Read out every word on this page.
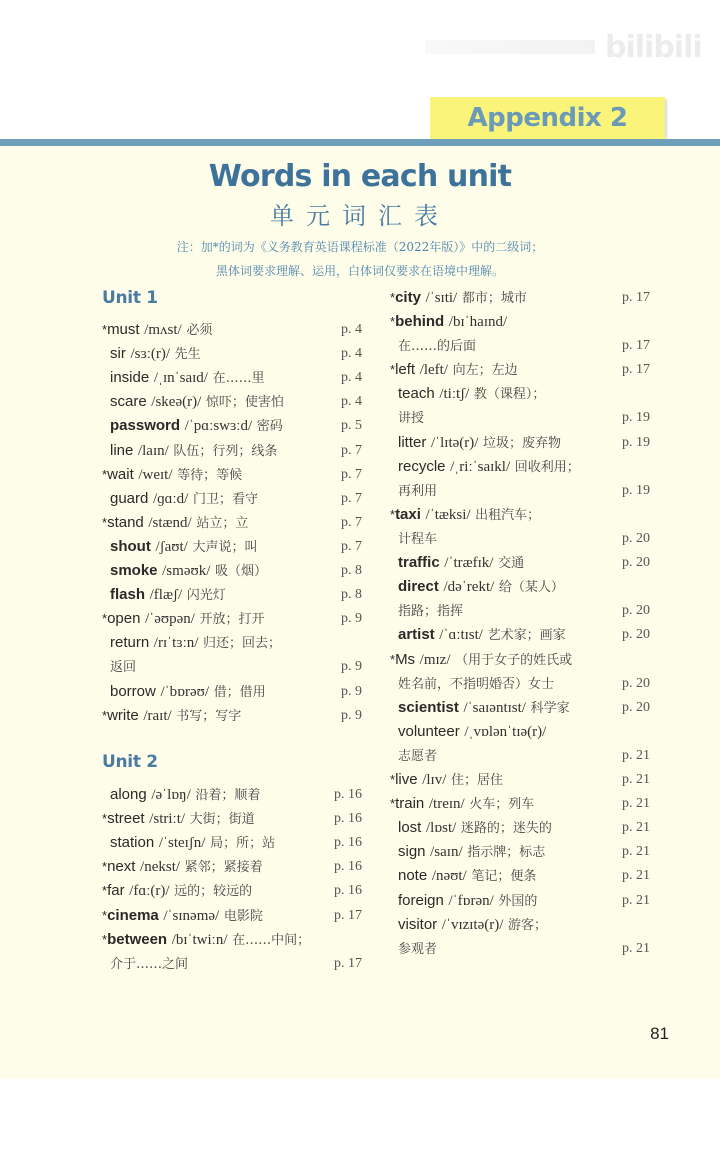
bilibili
Appendix 2
Words in each unit
单元词汇表
注：加*的词为《义务教育英语课程标准（2022年版）》中的二级词；
黑体词要求理解、运用，白体词仅要求在语境中理解。
Unit 1
*must /mʌst/ 必须	p. 4
sir /sɜː(r)/ 先生	p. 4
inside /ˌɪnˈsaɪd/ 在……里	p. 4
scare /skeə(r)/ 惊吓；使害怕	p. 4
password /ˈpɑːswɜːd/ 密码	p. 5
line /laɪn/ 队伍；行列；线条	p. 7
*wait /weɪt/ 等待；等候	p. 7
guard /ɡɑːd/ 门卫；看守	p. 7
*stand /stænd/ 站立；立	p. 7
shout /ʃaʊt/ 大声说；叫	p. 7
smoke /sməʊk/ 吸（烟）	p. 8
flash /flæʃ/ 闪光灯	p. 8
*open /ˈəʊpən/ 开放；打开	p. 9
return /rɪˈtɜːn/ 归还；回去；
返回	p. 9
borrow /ˈbɒrəʊ/ 借；借用	p. 9
*write /raɪt/ 书写；写字	p. 9
Unit 2
along /əˈlɒŋ/ 沿着；顺着	p. 16
*street /striːt/ 大街；街道	p. 16
station /ˈsteɪʃn/ 局；所；站	p. 16
*next /nekst/ 紧邻；紧接着	p. 16
*far /fɑː(r)/ 远的；较远的	p. 16
*cinema /ˈsɪnəmə/ 电影院	p. 17
*between /bɪˈtwiːn/ 在……中间；
介于……之间	p. 17
*city /ˈsɪti/ 都市；城市	p. 17
*behind /bɪˈhaɪnd/
在……的后面	p. 17
*left /left/ 向左；左边	p. 17
teach /tiːtʃ/ 教（课程）；
讲授	p. 19
litter /ˈlɪtə(r)/ 垃圾；废弃物	p. 19
recycle /ˌriːˈsaɪkl/ 回收利用；
再利用	p. 19
*taxi /ˈtæksi/ 出租汽车；
计程车	p. 20
traffic /ˈtræfɪk/ 交通	p. 20
direct /dəˈrekt/ 给（某人）
指路；指挥	p. 20
artist /ˈɑːtɪst/ 艺术家；画家	p. 20
*Ms /mɪz/ （用于女子的姓氏或
姓名前，不指明婚否）女士	p. 20
scientist /ˈsaɪəntɪst/ 科学家	p. 20
volunteer /ˌvɒlənˈtɪə(r)/
志愿者	p. 21
*live /lɪv/ 住；居住	p. 21
*train /treɪn/ 火车；列车	p. 21
lost /lɒst/ 迷路的；迷失的	p. 21
sign /saɪn/ 指示牌；标志	p. 21
note /nəʊt/ 笔记；便条	p. 21
foreign /ˈfɒrən/ 外国的	p. 21
visitor /ˈvɪzɪtə(r)/ 游客；
参观者	p. 21
81
